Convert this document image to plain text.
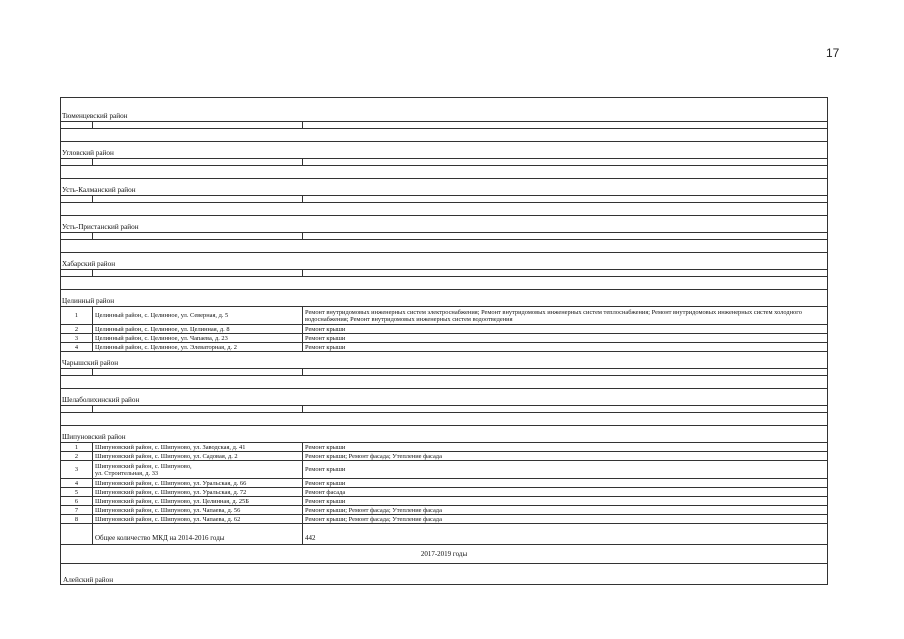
17
Тюменцевский район		

Угловский район		

Усть-Калманский район		

Усть-Пристанский район		

Хабарский район		

Целинный район		
1	Целинный район, с. Целинное, ул. Северная, д. 5	Ремонт внутридомовых инженерных систем электроснабжения; Ремонт внутридомовых инженерных систем теплоснабжения; Ремонт внутридомовых инженерных систем холодного водоснабжения; Ремонт внутридомовых инженерных систем водоотведения
2	Целинный район, с. Целинное, ул. Целинная, д. 8	Ремонт крыши
3	Целинный район, с. Целинное, ул. Чапаева, д. 23	Ремонт крыши
4	Целинный район, с. Целинное, ул. Элеваторная, д. 2	Ремонт крыши
Чарышский район		

Шелаболихинский район		

Шипуновский район		
1	Шипуновский район, с. Шипуново, ул. Заводская, д. 41	Ремонт крыши
2	Шипуновский район, с. Шипуново, ул. Садовая, д. 2	Ремонт крыши; Ремонт фасада; Утепление фасада
3	Шипуновский район, с. Шипуново,
ул. Строительная, д. 33	Ремонт крыши
4	Шипуновский район, с. Шипуново, ул. Уральская, д. 66	Ремонт крыши
5	Шипуновский район, с. Шипуново, ул. Уральская, д. 72	Ремонт фасада
6	Шипуновский район, с. Шипуново, ул. Целинная, д. 25Б	Ремонт крыши
7	Шипуновский район, с. Шипуново, ул. Чапаева, д. 56	Ремонт крыши; Ремонт фасада; Утепление фасада
8	Шипуновский район, с. Шипуново, ул. Чапаева, д. 62	Ремонт крыши; Ремонт фасада; Утепление фасада
	Общее количество МКД на 2014-2016 годы	442
2017-2019 годы		
Алейский район		
